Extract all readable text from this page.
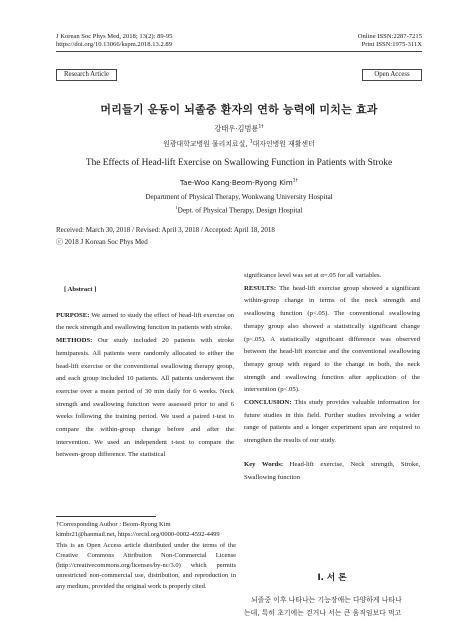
J Korean Soc Phys Med, 2018; 13(2): 89-95
https://doi.org/10.13066/kspm.2018.13.2.89
Online ISSN:2287-7215
Print ISSN:1975-311X
Research Article	Open Access
머리들기 운동이 뇌졸중 환자의 연하 능력에 미치는 효과
강태우·김범룡$^{1\dagger}$
원광대학교병원 물리치료실, $^1$대자인병원 재활센터
The Effects of Head-lift Exercise on Swallowing Function in Patients with Stroke
Tae-Woo Kang·Beom-Ryong Kim$^{1\dagger}$
Department of Physical Therapy, Wonkwang University Hospital
$^1$Dept. of Physical Therapy, Design Hospital
Received: March 30, 2018 / Revised: April 3, 2018 / Accepted: April 18, 2018
ⓒ 2018 J Korean Soc Phys Med

[ Abstract ]

PURPOSE: We aimed to study the effect of head-lift exercise on the neck strength and swallowing function in patients with stroke.

METHODS: Our study included 20 patients with stroke hemiparesis. All patients were randomly allocated to either the head-lift exercise or the conventional swallowing therapy group, and each group included 10 patients. All patients underwent the exercise over a mean period of 30 min daily for 6 weeks. Neck strength and swallowing function were assessed prior to and 6 weeks following the training period. We used a paired t-test to compare the within-group change before and after the intervention. We used an independent t-test to compare the between-group difference. The statistical

†Corresponding Author : Beom-Ryong Kim
kimbr21@hanmail.net, https://orcid.org/0000-0002-4592-4499
This is an Open Access article distributed under the terms of the Creative Commons Attribution Non-Commercial License (http://creativecommons.org/licenses/by-nc/3.0) which permits unrestricted non-commercial use, distribution, and reproduction in any medium, provided the original work is properly cited.

significance level was set at α=.05 for all variables.

RESULTS: The head-lift exercise group showed a significant within-group change in terms of the neck strength and swallowing function (p<.05). The conventional swallowing therapy group also showed a statistically significant change (p<.05). A statistically significant difference was observed between the head-lift exercise and the conventional swallowing therapy group with regard to the change in both, the neck strength and swallowing function after application of the intervention (p<.05).

CONCLUSION: This study provides valuable information for future studies in this field. Further studies involving a wider range of patients and a longer experiment span are required to strengthen the results of our study.

Key Words: Head-lift exercise, Neck strength, Stroke, Swallowing function

Ⅰ. 서 론
뇌졸중 이후 나타나는 기능장애는 다양하게 나타나
는데, 특히 초기에는 걷거나 서는 큰 움직임보다 먹고
